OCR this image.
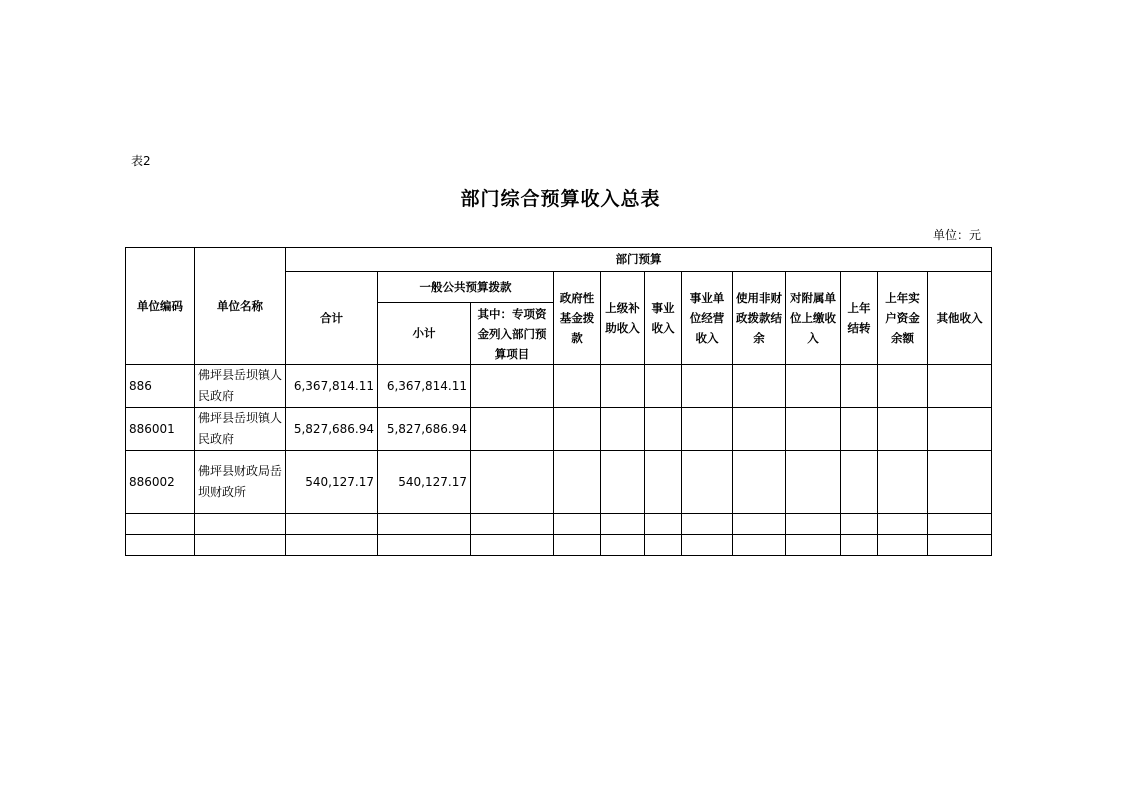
表2
部门综合预算收入总表
单位：元
单位编码	单位名称	部门预算											
		合计	一般公共预算拨款		政府性基金拨款	上级补助收入	事业收入	事业单位经营收入	使用非财政拨款结余	对附属单位上缴收入	上年结转	上年实户资金余额	其他收入
			小计	其中：专项资金列入部门预算项目									
886	佛坪县岳坝镇人民政府	6,367,814.11	6,367,814.11										
886001	佛坪县岳坝镇人民政府	5,827,686.94	5,827,686.94										
886002	佛坪县财政局岳坝财政所	540,127.17	540,127.17										
